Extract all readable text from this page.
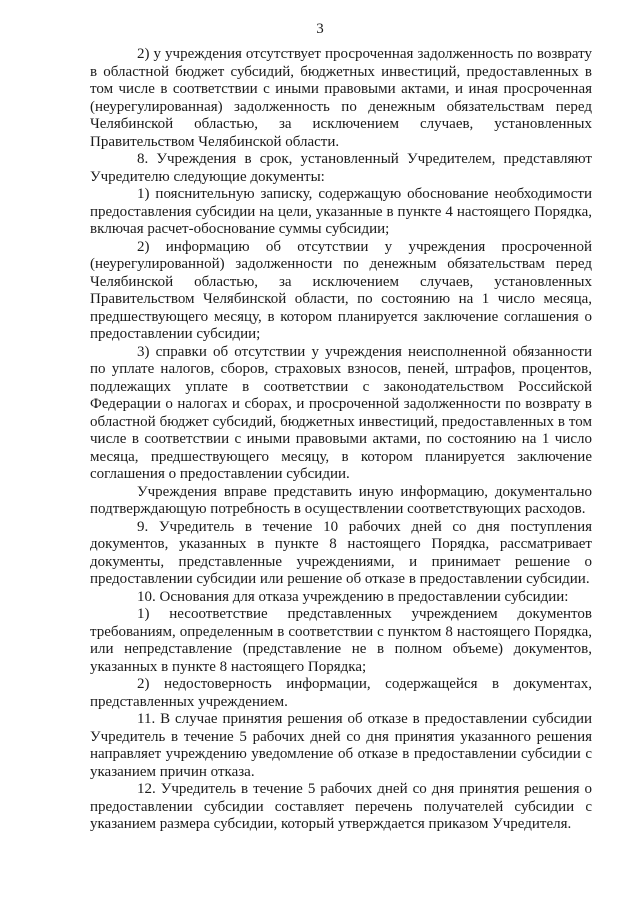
3

2) у учреждения отсутствует просроченная задолженность по возврату в областной бюджет субсидий, бюджетных инвестиций, предоставленных в том числе в соответствии с иными правовыми актами, и иная просроченная (неурегулированная) задолженность по денежным обязательствам перед Челябинской областью, за исключением случаев, установленных Правительством Челябинской области.

8. Учреждения в срок, установленный Учредителем, представляют Учредителю следующие документы:

1) пояснительную записку, содержащую обоснование необходимости предоставления субсидии на цели, указанные в пункте 4 настоящего Порядка, включая расчет-обоснование суммы субсидии;

2) информацию об отсутствии у учреждения просроченной (неурегулированной) задолженности по денежным обязательствам перед Челябинской областью, за исключением случаев, установленных Правительством Челябинской области, по состоянию на 1 число месяца, предшествующего месяцу, в котором планируется заключение соглашения о предоставлении субсидии;

3) справки об отсутствии у учреждения неисполненной обязанности по уплате налогов, сборов, страховых взносов, пеней, штрафов, процентов, подлежащих уплате в соответствии с законодательством Российской Федерации о налогах и сборах, и просроченной задолженности по возврату в областной бюджет субсидий, бюджетных инвестиций, предоставленных в том числе в соответствии с иными правовыми актами, по состоянию на 1 число месяца, предшествующего месяцу, в котором планируется заключение соглашения о предоставлении субсидии.

Учреждения вправе представить иную информацию, документально подтверждающую потребность в осуществлении соответствующих расходов.

9. Учредитель в течение 10 рабочих дней со дня поступления документов, указанных в пункте 8 настоящего Порядка, рассматривает документы, представленные учреждениями, и принимает решение о предоставлении субсидии или решение об отказе в предоставлении субсидии.

10. Основания для отказа учреждению в предоставлении субсидии:

1) несоответствие представленных учреждением документов требованиям, определенным в соответствии с пунктом 8 настоящего Порядка, или непредставление (представление не в полном объеме) документов, указанных в пункте 8 настоящего Порядка;

2) недостоверность информации, содержащейся в документах, представленных учреждением.

11. В случае принятия решения об отказе в предоставлении субсидии Учредитель в течение 5 рабочих дней со дня принятия указанного решения направляет учреждению уведомление об отказе в предоставлении субсидии с указанием причин отказа.

12. Учредитель в течение 5 рабочих дней со дня принятия решения о предоставлении субсидии составляет перечень получателей субсидии с указанием размера субсидии, который утверждается приказом Учредителя.
